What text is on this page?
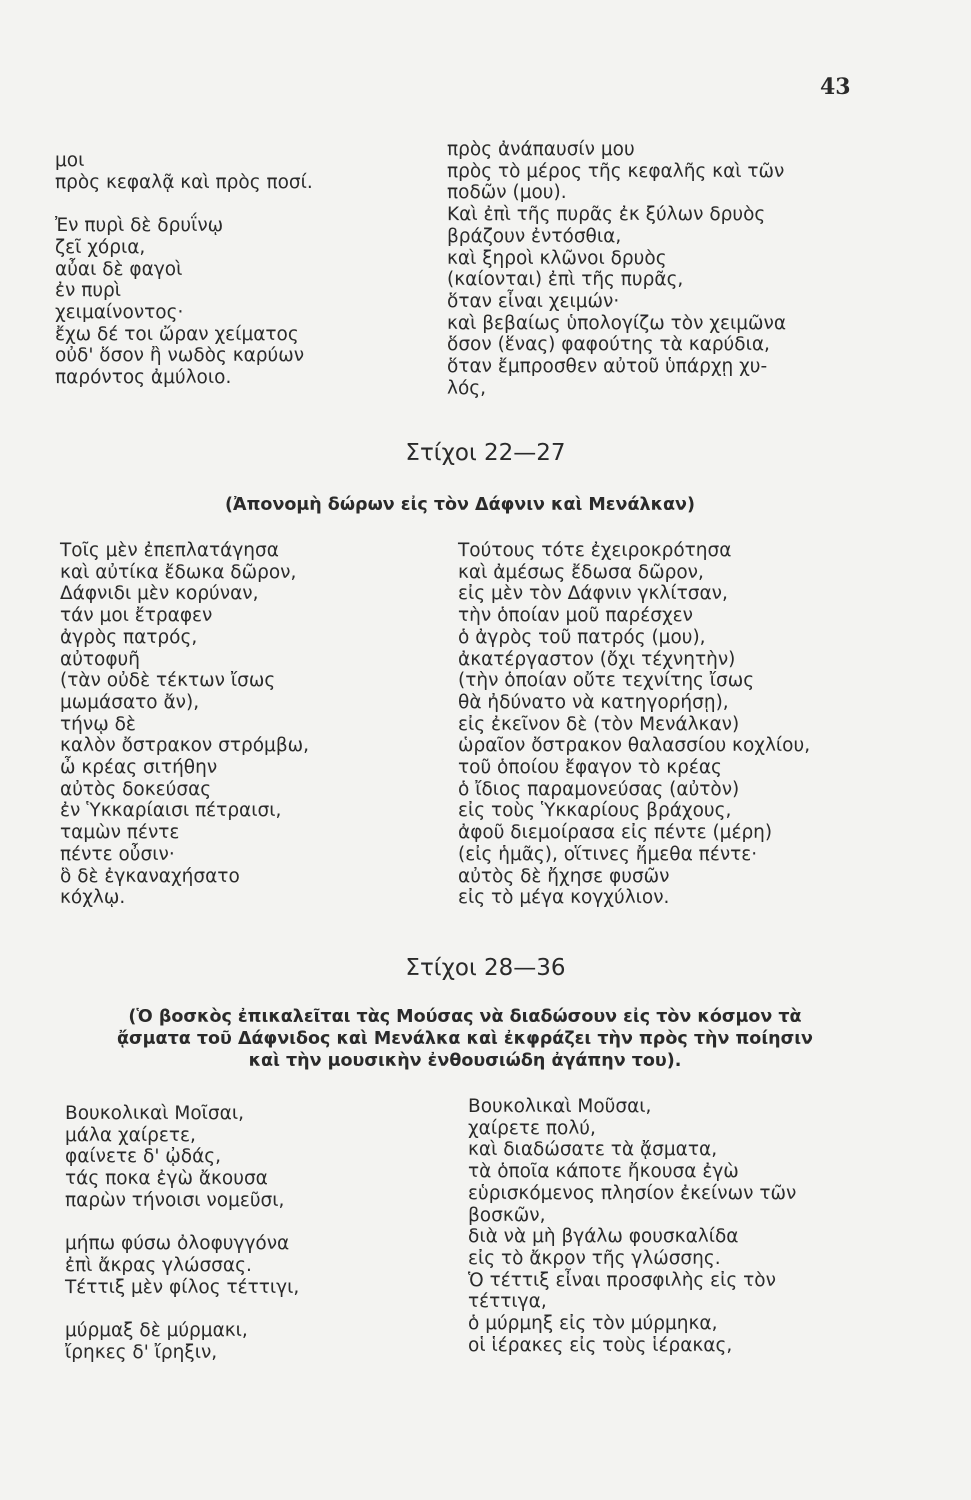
43
μοι
πρὸς κεφαλᾷ καὶ πρὸς ποσί.
Ἐν πυρὶ δὲ δρυΐνῳ
ζεῖ χόρια,
αὖαι δὲ φαγοὶ
ἐν πυρὶ
χειμαίνοντος·
ἔχω δέ τοι ὤραν χείματος
οὐδ' ὅσον ἢ νωδὸς καρύων
παρόντος ἀμύλοιο.
πρὸς ἀνάπαυσίν μου
πρὸς τὸ μέρος τῆς κεφαλῆς καὶ τῶν
ποδῶν (μου).
Καὶ ἐπὶ τῆς πυρᾶς ἐκ ξύλων δρυὸς
βράζουν ἐντόσθια,
καὶ ξηροὶ κλῶνοι δρυὸς
(καίονται) ἐπὶ τῆς πυρᾶς,
ὅταν εἶναι χειμών·
καὶ βεβαίως ὑπολογίζω τὸν χειμῶνα
ὅσον (ἕνας) φαφούτης τὰ καρύδια,
ὅταν ἔμπροσθεν αὐτοῦ ὑπάρχῃ χυ-
λός,
Στίχοι 22—27
(Ἀπονομὴ δώρων εἰς τὸν Δάφνιν καὶ Μενάλκαν)
Τοῖς μὲν ἐπεπλατάγησα
καὶ αὐτίκα ἔδωκα δῶρον,
Δάφνιδι μὲν κορύναν,
τάν μοι ἔτραφεν
ἀγρὸς πατρός,
αὐτοφυῆ
(τὰν οὐδὲ τέκτων ἴσως
μωμάσατο ἄν),
τήνῳ δὲ
καλὸν ὄστρακον στρόμβω,
ὦ κρέας σιτήθην
αὐτὸς δοκεύσας
ἐν Ὑκκαρίαισι πέτραισι,
ταμὼν πέντε
πέντε οὖσιν·
ὃ δὲ ἐγκαναχήσατο
κόχλῳ.
Τούτους τότε ἐχειροκρότησα
καὶ ἀμέσως ἔδωσα δῶρον,
εἰς μὲν τὸν Δάφνιν γκλίτσαν,
τὴν ὁποίαν μοῦ παρέσχεν
ὁ ἀγρὸς τοῦ πατρός (μου),
ἀκατέργαστον (ὄχι τέχνητὴν)
(τὴν ὁποίαν οὔτε τεχνίτης ἴσως
θὰ ἠδύνατο νὰ κατηγορήσῃ),
εἰς ἐκεῖνον δὲ (τὸν Μενάλκαν)
ὡραῖον ὄστρακον θαλασσίου κοχλίου,
τοῦ ὁποίου ἔφαγον τὸ κρέας
ὁ ἴδιος παραμονεύσας (αὐτὸν)
εἰς τοὺς Ὑκκαρίους βράχους,
ἀφοῦ διεμοίρασα εἰς πέντε (μέρη)
(εἰς ἡμᾶς), οἵτινες ἤμεθα πέντε·
αὐτὸς δὲ ἤχησε φυσῶν
εἰς τὸ μέγα κογχύλιον.
Στίχοι 28—36
(Ὁ βοσκὸς ἐπικαλεῖται τὰς Μούσας νὰ διαδώσουν εἰς τὸν κόσμον τὰ
ᾄσματα τοῦ Δάφνιδος καὶ Μενάλκα καὶ ἐκφράζει τὴν πρὸς τὴν ποίησιν
καὶ τὴν μουσικὴν ἐνθουσιώδη ἀγάπην του).
Βουκολικαὶ Μοῖσαι,
μάλα χαίρετε,
φαίνετε δ' ᾠδάς,
τάς ποκα ἐγὼ ἄκουσα
παρὼν τήνοισι νομεῦσι,
μήπω φύσω ὀλοφυγγόνα
ἐπὶ ἄκρας γλώσσας.
Τέττιξ μὲν φίλος τέττιγι,
μύρμαξ δὲ μύρμακι,
ἴρηκες δ' ἴρηξιν,
Βουκολικαὶ Μοῦσαι,
χαίρετε πολύ,
καὶ διαδώσατε τὰ ᾄσματα,
τὰ ὁποῖα κάποτε ἤκουσα ἐγὼ
εὑρισκόμενος πλησίον ἐκείνων τῶν
βοσκῶν,
διὰ νὰ μὴ βγάλω φουσκαλίδα
εἰς τὸ ἄκρον τῆς γλώσσης.
Ὁ τέττιξ εἶναι προσφιλὴς εἰς τὸν
τέττιγα,
ὁ μύρμηξ εἰς τὸν μύρμηκα,
οἱ ἱέρακες εἰς τοὺς ἱέρακας,
